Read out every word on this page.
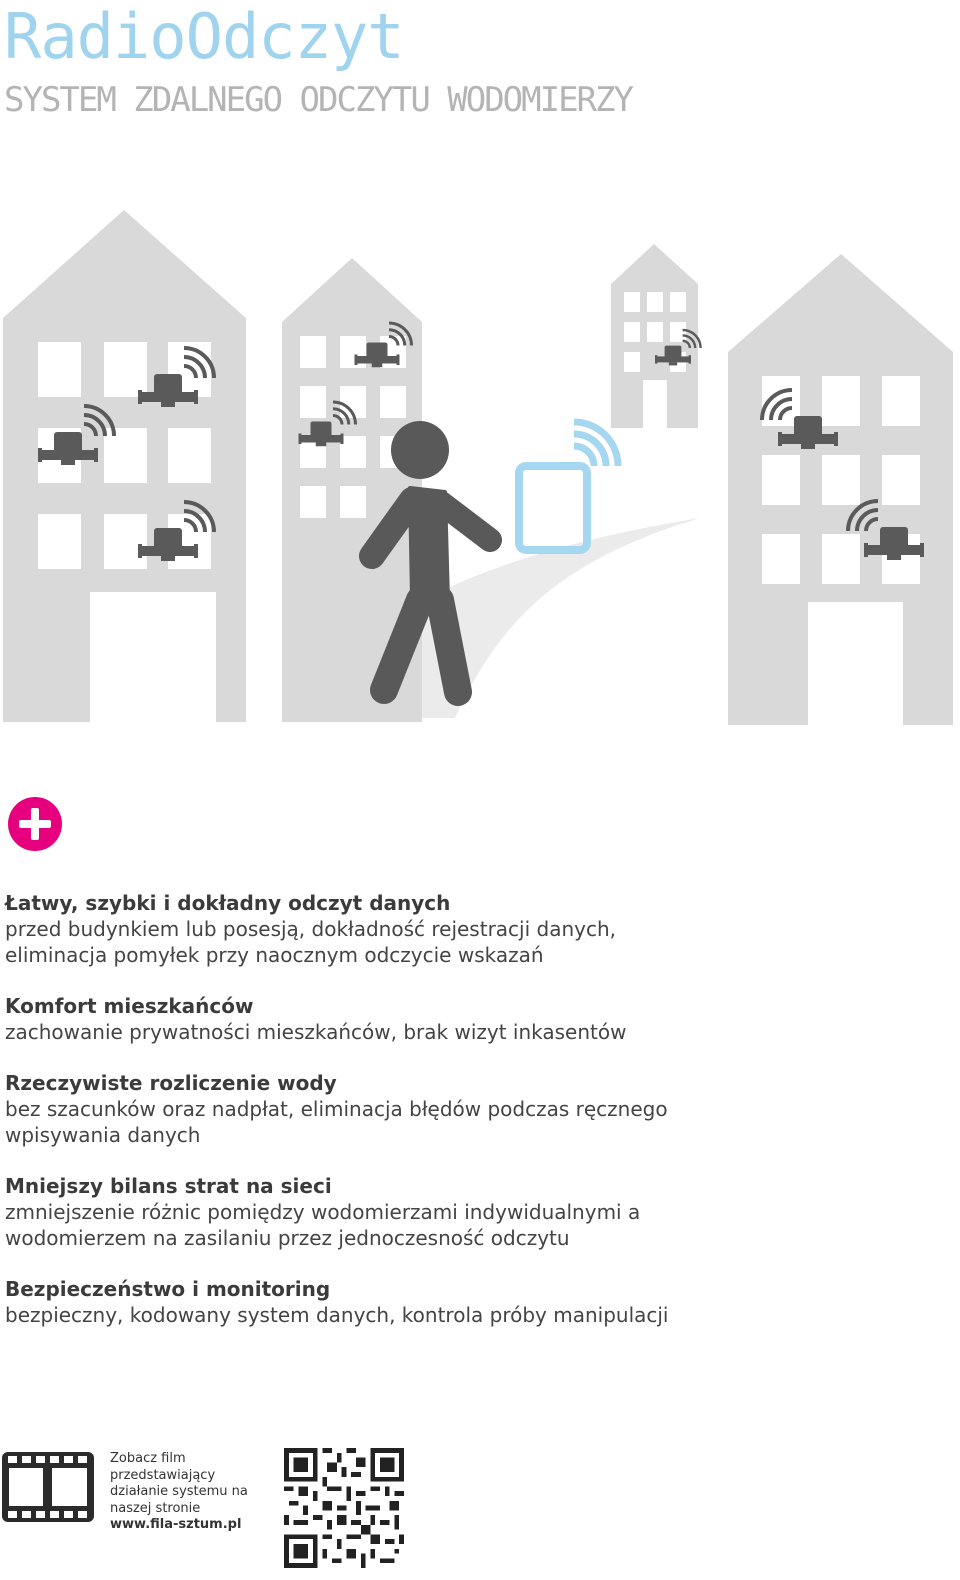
RadioOdczyt
SYSTEM ZDALNEGO ODCZYTU WODOMIERZY
Łatwy, szybki i dokładny odczyt danych

przed budynkiem lub posesją, dokładność rejestracji danych,

eliminacja pomyłek przy naocznym odczycie wskazań

Komfort mieszkańców

zachowanie prywatności mieszkańców, brak wizyt inkasentów

Rzeczywiste rozliczenie wody

bez szacunków oraz nadpłat, eliminacja błędów podczas ręcznego

wpisywania danych

Mniejszy bilans strat na sieci

zmniejszenie różnic pomiędzy wodomierzami indywidualnymi a

wodomierzem na zasilaniu przez jednoczesność odczytu

Bezpieczeństwo i monitoring

bezpieczny, kodowany system danych, kontrola próby manipulacji

Zobacz film
przedstawiający
działanie systemu na
naszej stronie
www.fila-sztum.pl
